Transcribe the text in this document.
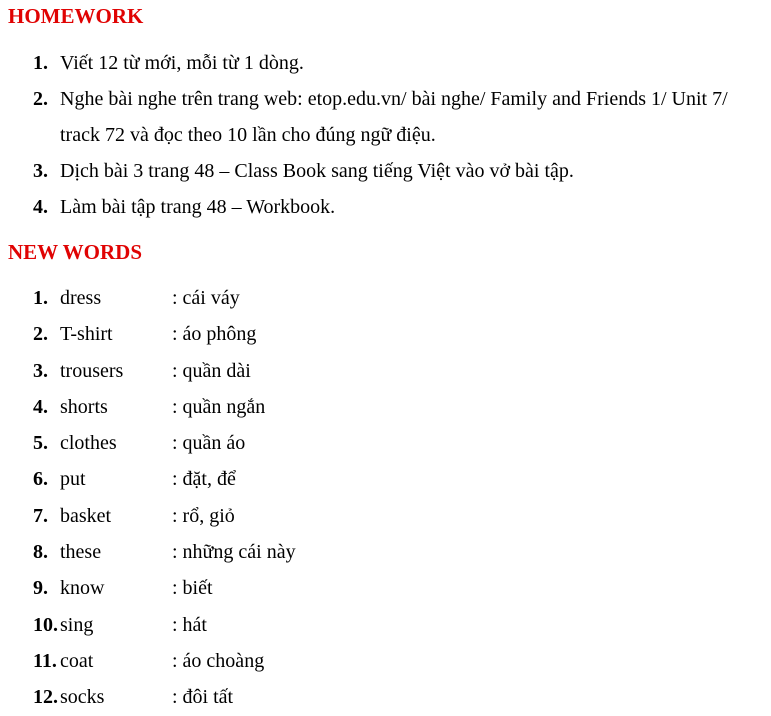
HOMEWORK
1. Viết 12 từ mới, mỗi từ 1 dòng.
2. Nghe bài nghe trên trang web: etop.edu.vn/ bài nghe/ Family and Friends 1/ Unit 7/ track 72 và đọc theo 10 lần cho đúng ngữ điệu.
3. Dịch bài 3 trang 48 – Class Book sang tiếng Việt vào vở bài tập.
4. Làm bài tập trang 48 – Workbook.
NEW WORDS
1. dress	: cái váy
2. T-shirt	: áo phông
3. trousers : quần dài
4. shorts	: quần ngắn
5. clothes	: quần áo
6. put	: đặt, để
7. basket	: rổ, giỏ
8. these	: những cái này
9. know	: biết
10. sing	: hát
11. coat	: áo choàng
12. socks	: đôi tất
